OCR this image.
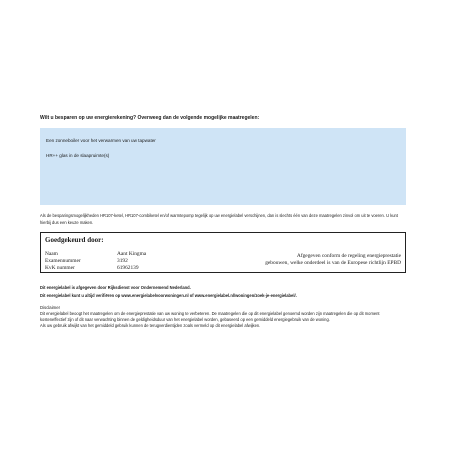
Wilt u besparen op uw energierekening? Overweeg dan de volgende mogelijke maatregelen:
Een zonneboiler voor het verwarmen van uw tapwater
HR++ glas in de slaapruimte(s)
Als de besparingsmogelijkheden HR107-ketel, HR107-combiketel en/of warmtepomp tegelijk op uw energielabel verschijnen, dan is slechts één van deze maatregelen zinvol om uit te voeren. U kunt hierbij dus een keuze maken.
Goedgekeurd door:
Naam	Aant Kingma
Examennummer	3192
KvK nummer	61962139
Afgegeven conform de regeling energieprestatie
gebouwen, welke onderdeel is van de Europese richtlijn EPBD
Dit energielabel is afgegeven door Rijksdienst voor Ondernemend Nederland.
Dit energielabel kunt u altijd verifiëren op www.energielabelvoorwoningen.nl of www.energielabel.nl/woningen/zoek-je-energielabel/.
Disclaimer
Dit energielabel beoogt het maatregelen om de energieprestatie van uw woning te verbeteren. De maatregelen die op dit energielabel genoemd worden zijn maatregelen die op dit moment
kosteneffectief zijn of dit naar verwachting binnen de geldigheidsduur van het energielabel worden, gebaseerd op een gemiddeld energiegebruik van de woning.
Als uw gebruik afwijkt van het gemiddeld gebruik kunnen de terugverdientijden zoals vermeld op dit energielabel afwijken.
